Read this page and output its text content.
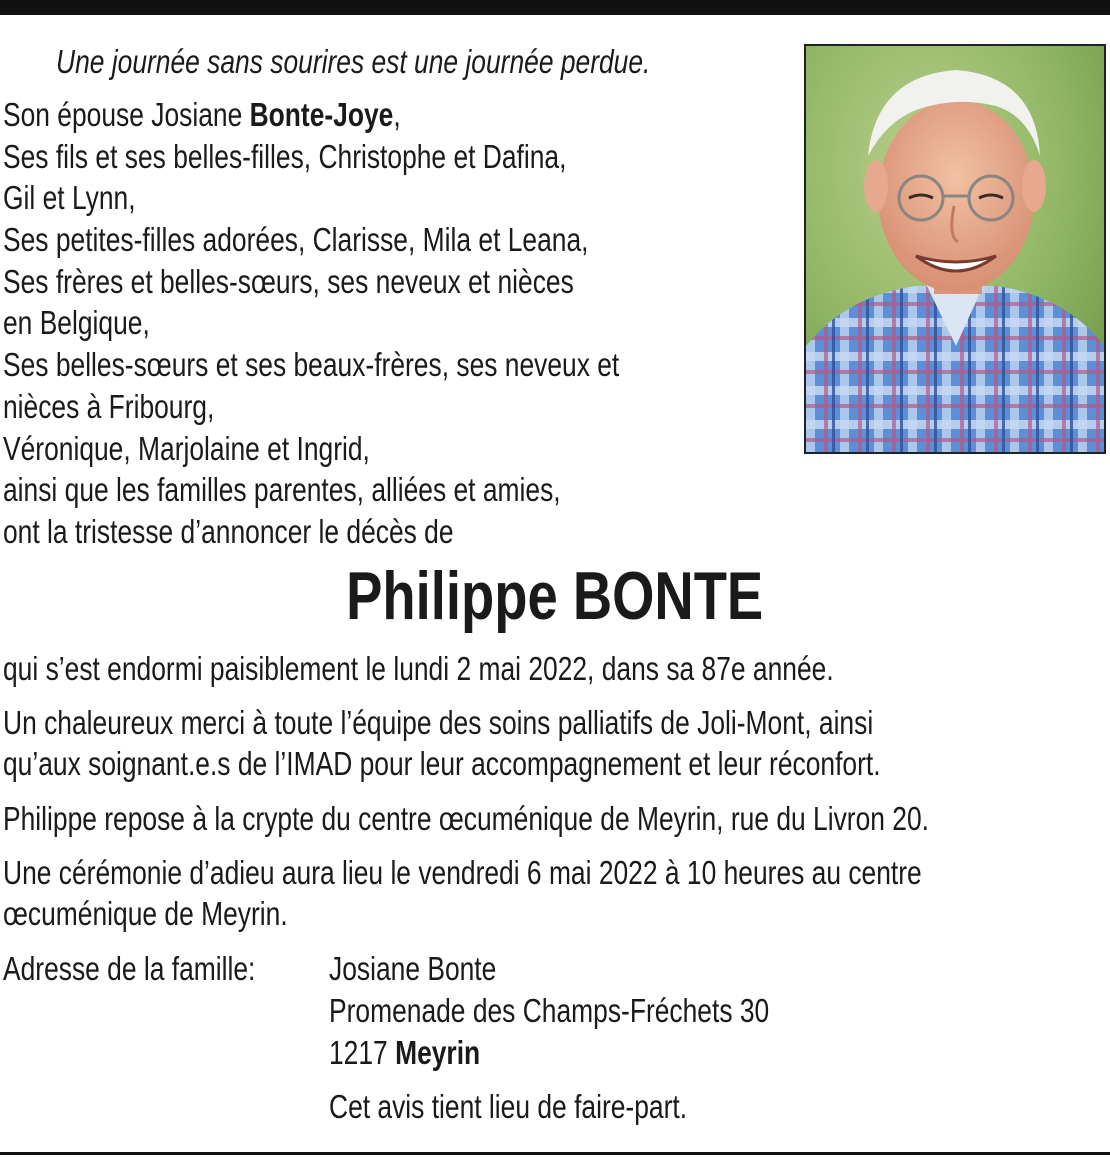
Une journée sans sourires est une journée perdue.
Son épouse Josiane Bonte-Joye,
Ses fils et ses belles-filles, Christophe et Dafina,
Gil et Lynn,
Ses petites-filles adorées, Clarisse, Mila et Leana,
Ses frères et belles-sœurs, ses neveux et nièces
en Belgique,
Ses belles-sœurs et ses beaux-frères, ses neveux et
nièces à Fribourg,
Véronique, Marjolaine et Ingrid,
ainsi que les familles parentes, alliées et amies,
ont la tristesse d’annoncer le décès de
Philippe BONTE
qui s’est endormi paisiblement le lundi 2 mai 2022, dans sa 87e année.
Un chaleureux merci à toute l’équipe des soins palliatifs de Joli-Mont, ainsi
qu’aux soignant.e.s de l’IMAD pour leur accompagnement et leur réconfort.
Philippe repose à la crypte du centre œcuménique de Meyrin, rue du Livron 20.
Une cérémonie d’adieu aura lieu le vendredi 6 mai 2022 à 10 heures au centre
œcuménique de Meyrin.
Adresse de la famille:	Josiane Bonte
Promenade des Champs-Fréchets 30
1217 Meyrin
Cet avis tient lieu de faire-part.
